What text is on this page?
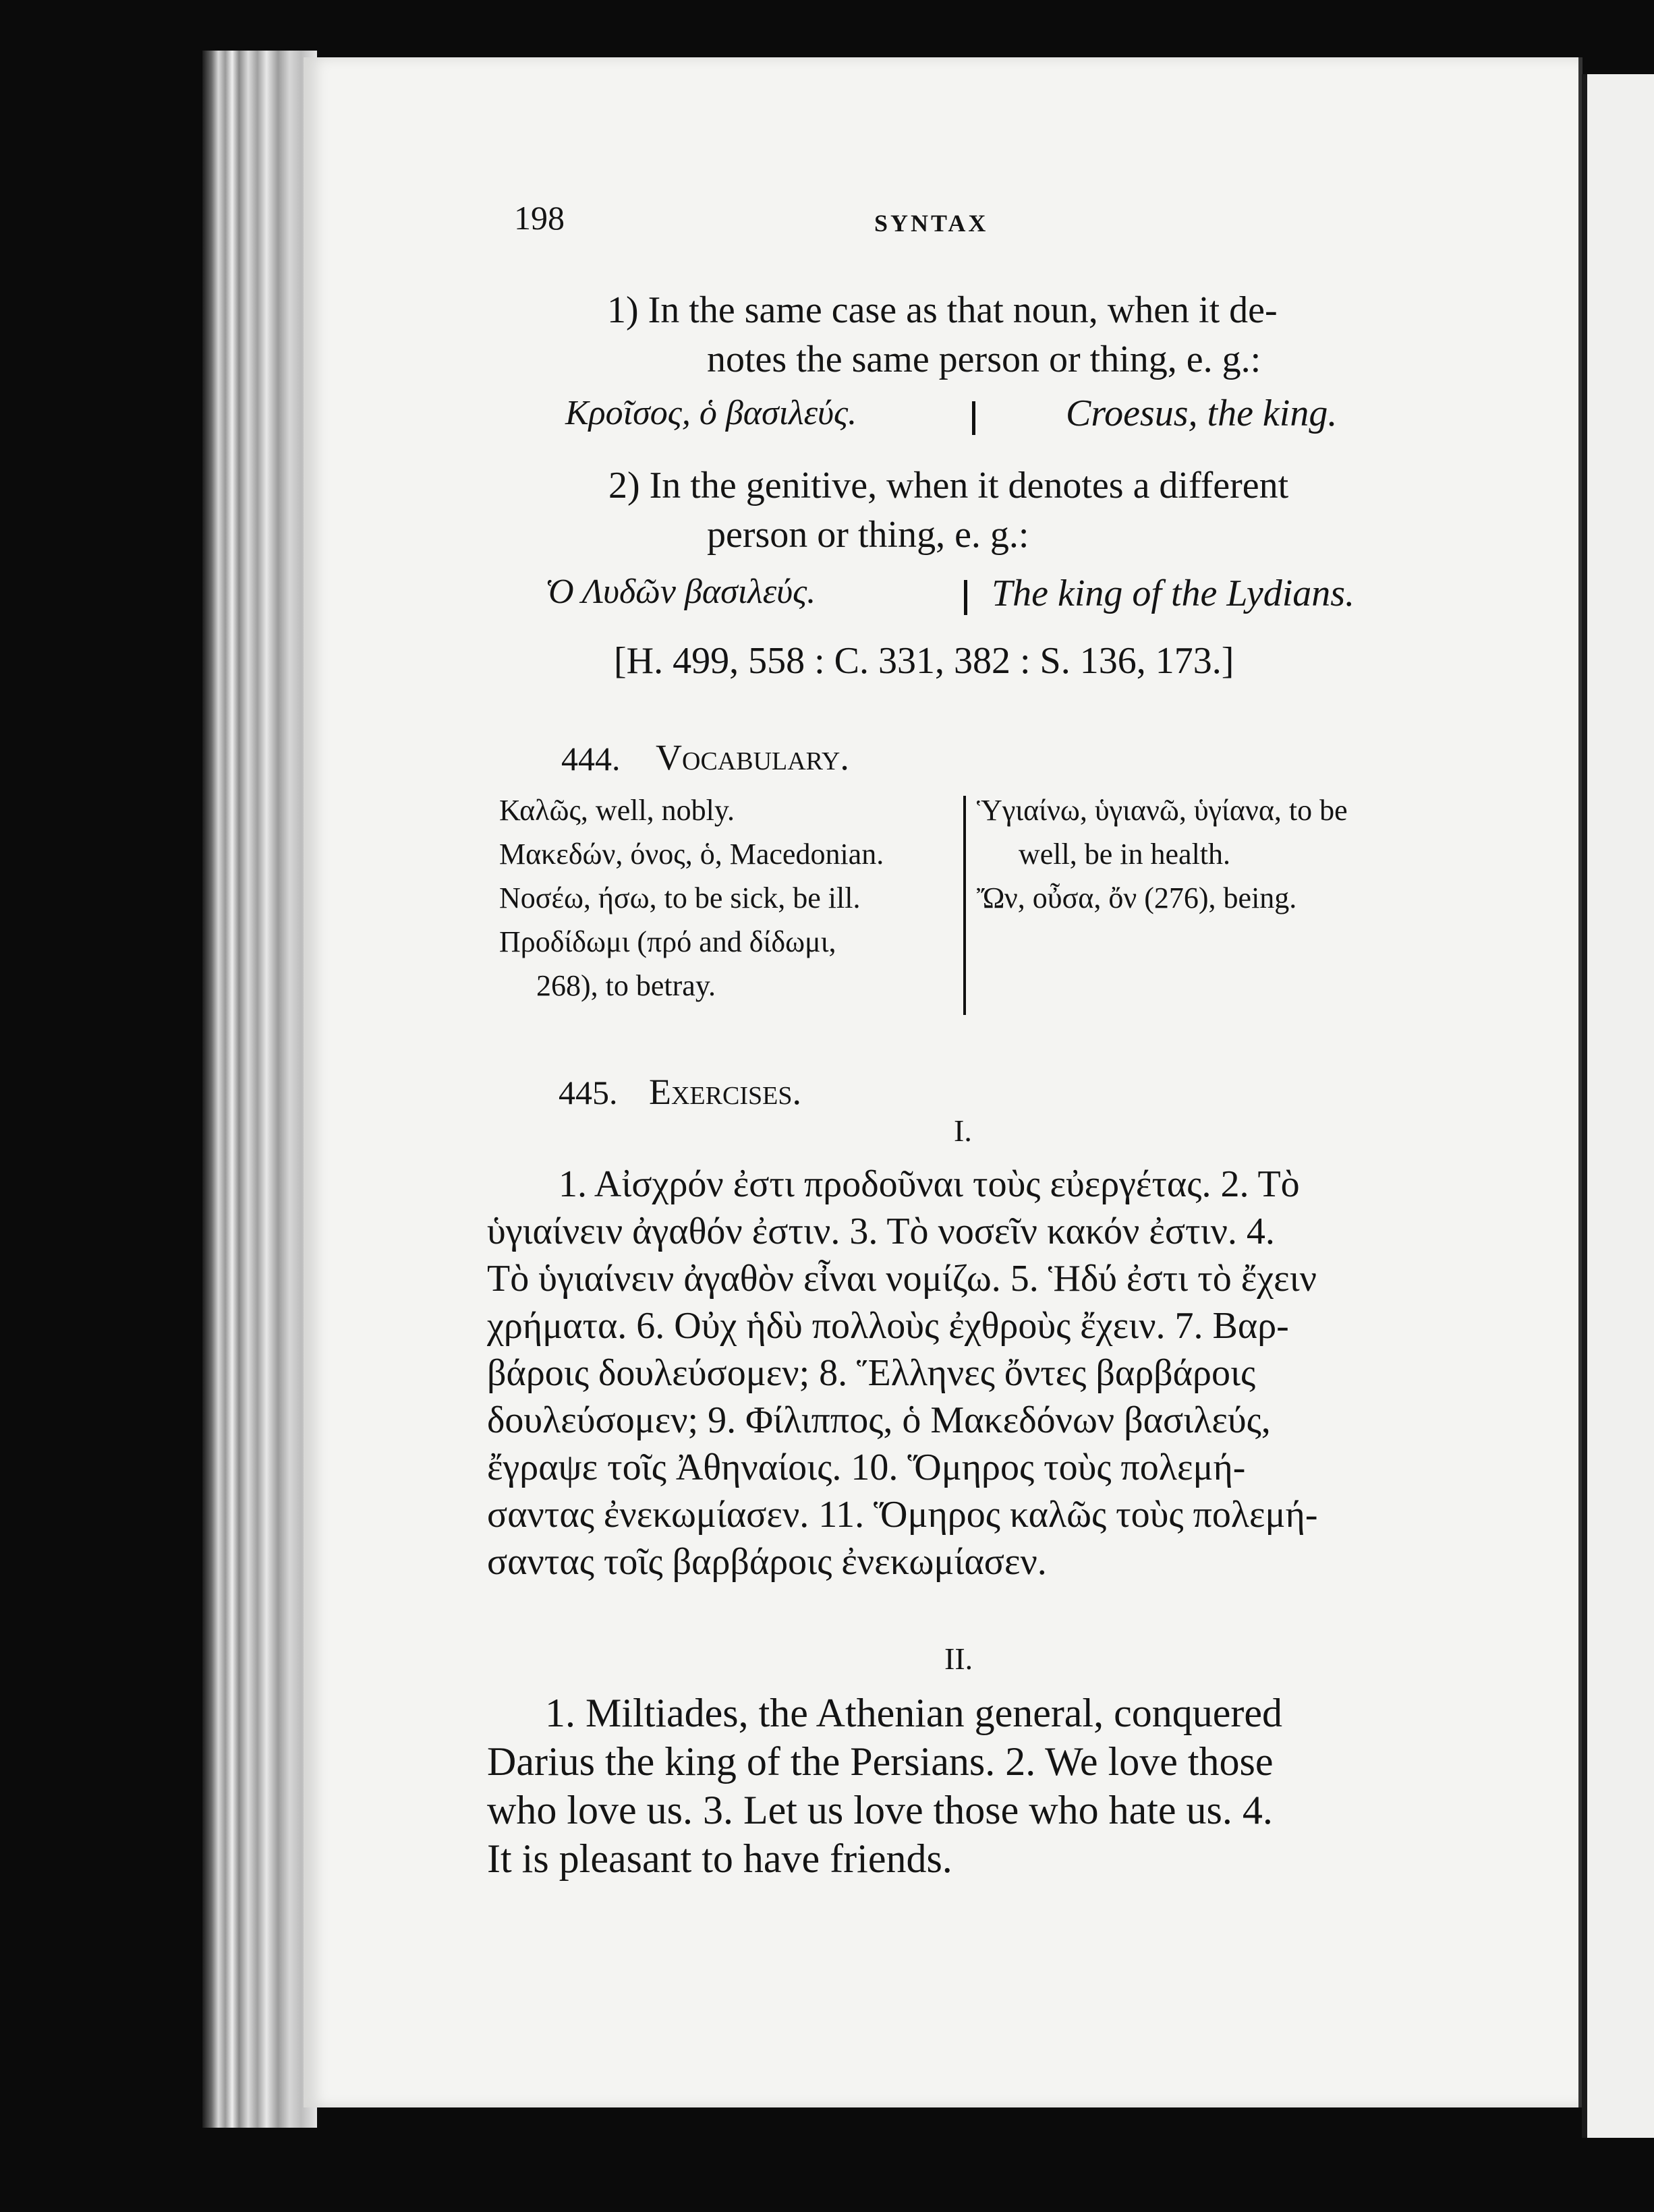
198	SYNTAX
1) In the same case as that noun, when it de-
notes the same person or thing, e. g.:
Κροῖσος, ὁ βασιλεύς.	Croesus, the king.
2) In the genitive, when it denotes a different
person or thing, e. g.:
Ὁ Λυδῶν βασιλεύς.	The king of the Lydians.
[H. 499, 558 : C. 331, 382 : S. 136, 173.]
444. Vocabulary.
Καλῶς, well, nobly.
Μακεδών, όνος, ὁ, Macedonian.
Νοσέω, ήσω, to be sick, be ill.
Προδίδωμι (πρό and δίδωμι,
268), to betray.
Ὑγιαίνω, ὑγιανῶ, ὑγίανα, to be
well, be in health.
Ὤν, οὖσα, ὄν (276), being.
445. Exercises.
I.
1. Αἰσχρόν ἐστι προδοῦναι τοὺς εὐεργέτας. 2. Τὸ
ὑγιαίνειν ἀγαθόν ἐστιν. 3. Τὸ νοσεῖν κακόν ἐστιν. 4.
Τὸ ὑγιαίνειν ἀγαθὸν εἶναι νομίζω. 5. Ἡδύ ἐστι τὸ ἔχειν
χρήματα. 6. Οὐχ ἡδὺ πολλοὺς ἐχθροὺς ἔχειν. 7. Βαρ-
βάροις δουλεύσομεν; 8. Ἕλληνες ὄντες βαρβάροις
δουλεύσομεν; 9. Φίλιππος, ὁ Μακεδόνων βασιλεύς,
ἔγραψε τοῖς Ἀθηναίοις. 10. Ὅμηρος τοὺς πολεμή-
σαντας ἐνεκωμίασεν. 11. Ὅμηρος καλῶς τοὺς πολεμή-
σαντας τοῖς βαρβάροις ἐνεκωμίασεν.
II.
1. Miltiades, the Athenian general, conquered
Darius the king of the Persians. 2. We love those
who love us. 3. Let us love those who hate us. 4.
It is pleasant to have friends.
